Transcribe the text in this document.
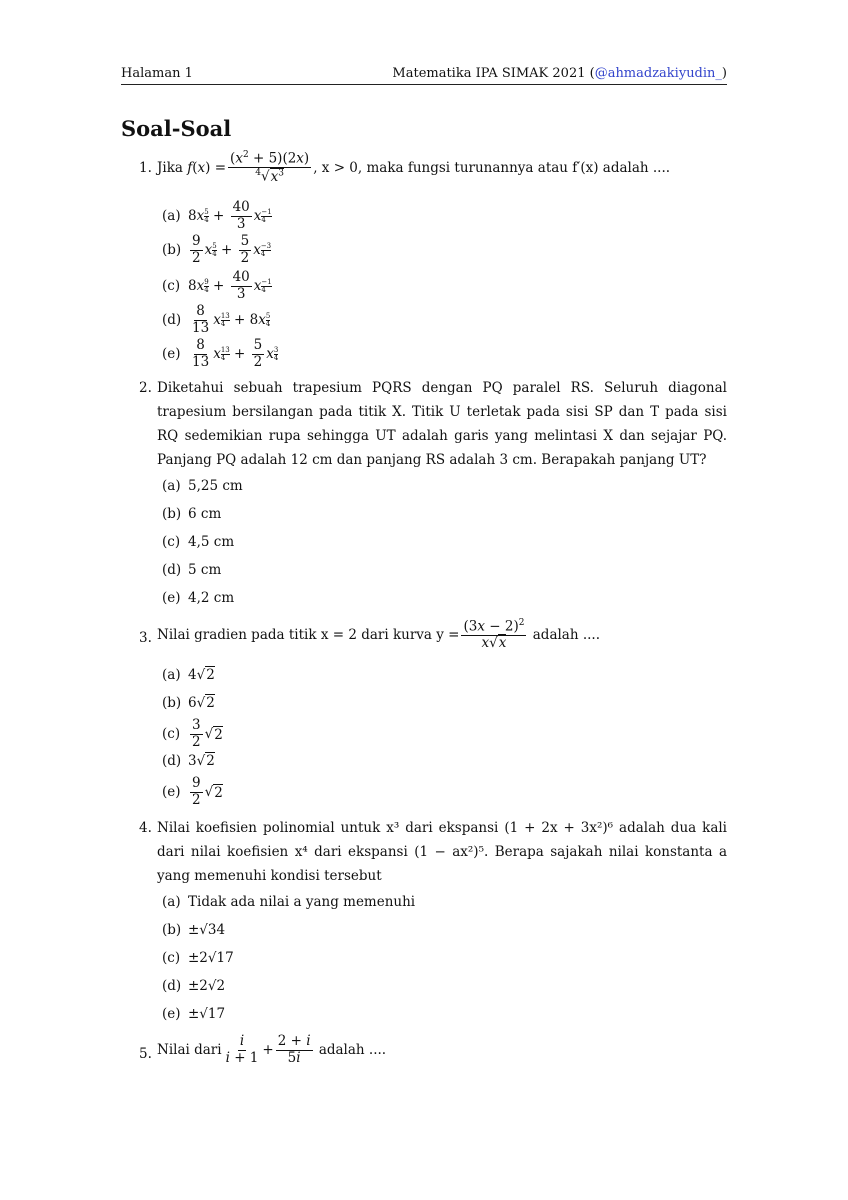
Halaman 1	Matematika IPA SIMAK 2021 (@ahmadzakiyudin_)
Soal-Soal
1. Jika
f ( x ) = $\frac{(x^2 + 5)(2x)}{^4√x^3}$ , x > 0, maka fungsi turunannya atau f′(x) adalah ....
(a) 8 x 5
$4 + \frac{40}{3}$ x −1
4
$(b) \frac{9}{2}$ x 5
$4 + \frac{5}{2}$ x −3
4
(c) 8 x 9
$4 + \frac{40}{3}$ x −1
4
$(d) \frac{8}{13}$ x 13
4 + 8 x 5
4
$(e) \frac{8}{13}$ x 13
$4 + \frac{5}{2}$ x 3
4
2. Diketahui sebuah trapesium PQRS dengan PQ paralel RS. Seluruh diagonal trapesium bersilangan pada titik X. Titik U terletak pada sisi SP dan T pada sisi RQ sedemikian rupa sehingga UT adalah garis yang melintasi X dan sejajar PQ. Panjang PQ adalah 12 cm dan panjang RS adalah 3 cm. Berapakah panjang UT?
(a) 5,25 cm
(b) 6 cm
(c) 4,5 cm
(d) 5 cm
(e) 4,2 cm
3. Nilai gradien pada titik x = 2 dari kurva $y = \frac{(3x - 2)^2}{x√x}$
adalah ....
(a) 4√ 2
(b) 6√ 2
$(c) \frac{3}{2}$ √ 2
(d) 3√ 2
$(e) \frac{9}{2}$ √ 2
4. Nilai koefisien polinomial untuk x³ dari ekspansi (1 + 2x + 3x²)⁶ adalah dua kali dari nilai koefisien x⁴ dari ekspansi (1 − ax²)⁵. Berapa sajakah nilai konstanta a yang memenuhi kondisi tersebut
(a) Tidak ada nilai a yang memenuhi
(b) ±√34
(c) ±2√17
(d) ±2√2
(e) ±√17
5. Nilai dari $\frac{i}{i + 1} + \frac{2 + i}{5i}$
adalah ....
